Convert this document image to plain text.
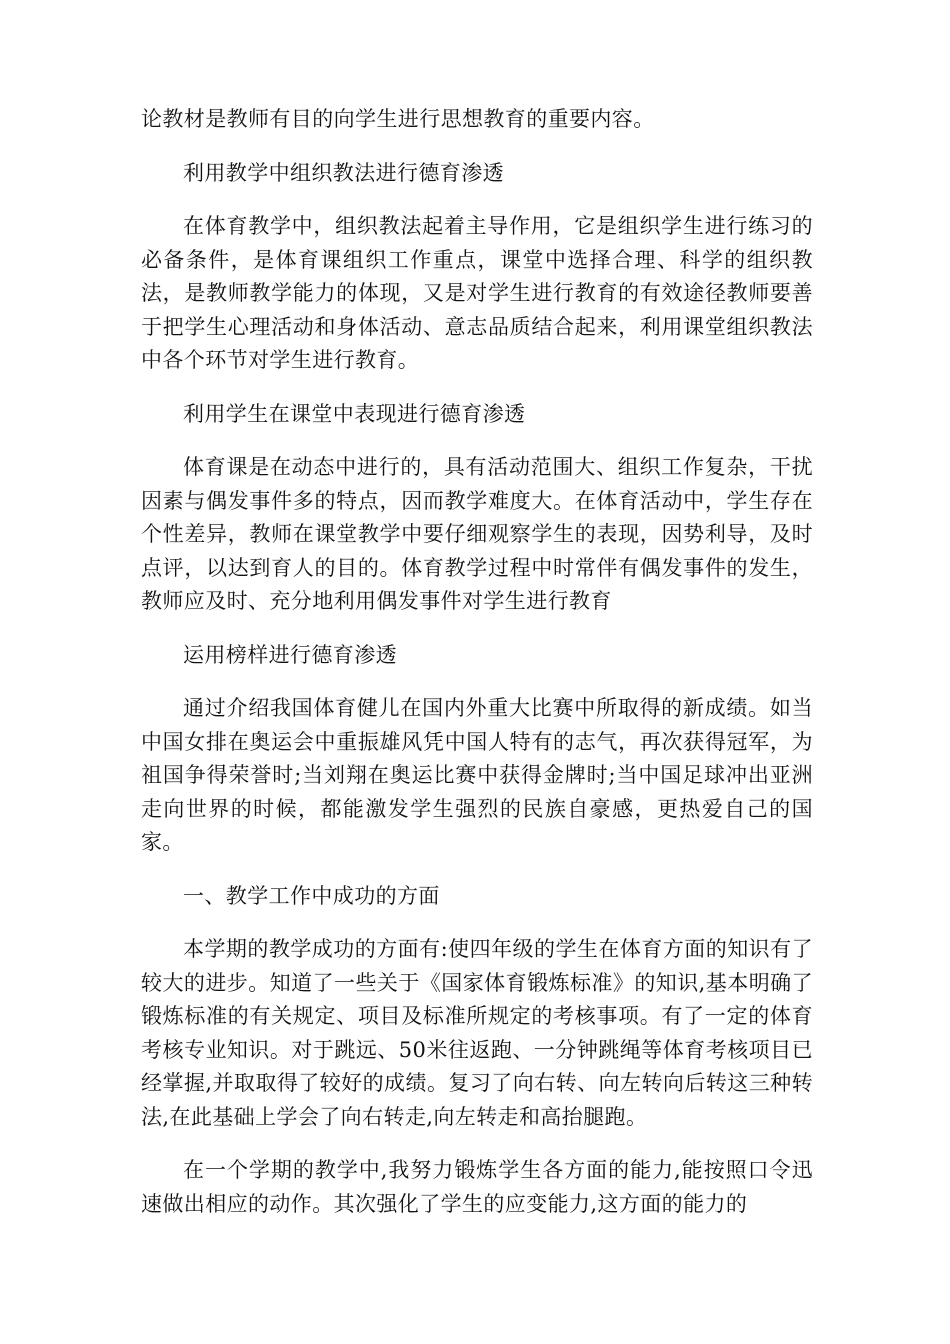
论教材是教师有目的向学生进行思想教育的重要内容。

利用教学中组织教法进行德育渗透

在体育教学中，组织教法起着主导作用，它是组织学生进行练习的必备条件，是体育课组织工作重点，课堂中选择合理、科学的组织教法，是教师教学能力的体现，又是对学生进行教育的有效途径教师要善于把学生心理活动和身体活动、意志品质结合起来，利用课堂组织教法中各个环节对学生进行教育。

利用学生在课堂中表现进行德育渗透

体育课是在动态中进行的，具有活动范围大、组织工作复杂，干扰因素与偶发事件多的特点，因而教学难度大。在体育活动中，学生存在个性差异，教师在课堂教学中要仔细观察学生的表现，因势利导，及时点评，以达到育人的目的。体育教学过程中时常伴有偶发事件的发生，教师应及时、充分地利用偶发事件对学生进行教育

运用榜样进行德育渗透

通过介绍我国体育健儿在国内外重大比赛中所取得的新成绩。如当中国女排在奥运会中重振雄风凭中国人特有的志气，再次获得冠军，为祖国争得荣誉时;当刘翔在奥运比赛中获得金牌时;当中国足球冲出亚洲走向世界的时候，都能激发学生强烈的民族自豪感，更热爱自己的国家。

一、教学工作中成功的方面

本学期的教学成功的方面有:使四年级的学生在体育方面的知识有了较大的进步。知道了一些关于《国家体育锻炼标准》的知识,基本明确了锻炼标准的有关规定、项目及标准所规定的考核事项。有了一定的体育考核专业知识。对于跳远、50米往返跑、一分钟跳绳等体育考核项目已经掌握,并取取得了较好的成绩。复习了向右转、向左转向后转这三种转法,在此基础上学会了向右转走,向左转走和高抬腿跑。

在一个学期的教学中,我努力锻炼学生各方面的能力,能按照口令迅速做出相应的动作。其次强化了学生的应变能力,这方面的能力的
